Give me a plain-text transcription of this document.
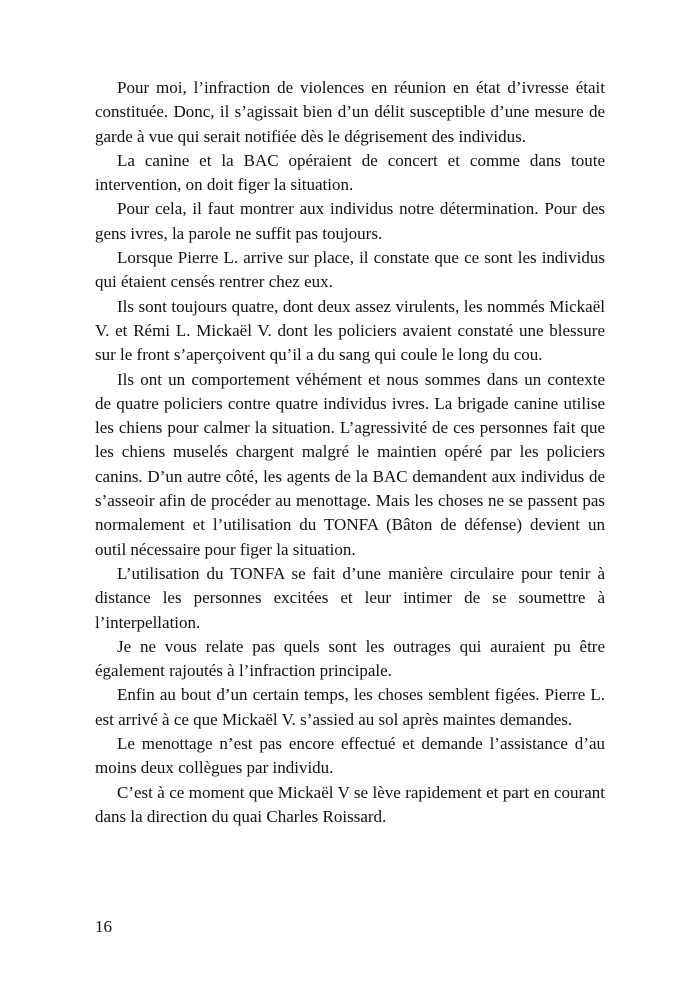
Pour moi, l’infraction de violences en réunion en état d’ivresse était constituée. Donc, il s’agissait bien d’un délit susceptible d’une mesure de garde à vue qui serait notifiée dès le dégrisement des individus.

La canine et la BAC opéraient de concert et comme dans toute intervention, on doit figer la situation.

Pour cela, il faut montrer aux individus notre détermination. Pour des gens ivres, la parole ne suffit pas toujours.

Lorsque Pierre L. arrive sur place, il constate que ce sont les individus qui étaient censés rentrer chez eux.

Ils sont toujours quatre, dont deux assez virulents, les nommés Mickaël V. et Rémi L. Mickaël V. dont les policiers avaient constaté une blessure sur le front s’aperçoivent qu’il a du sang qui coule le long du cou.

Ils ont un comportement véhément et nous sommes dans un contexte de quatre policiers contre quatre individus ivres. La brigade canine utilise les chiens pour calmer la situation. L’agressivité de ces personnes fait que les chiens muselés chargent malgré le maintien opéré par les policiers canins. D’un autre côté, les agents de la BAC demandent aux individus de s’asseoir afin de procéder au menottage. Mais les choses ne se passent pas normalement et l’utilisation du TONFA (Bâton de défense) devient un outil nécessaire pour figer la situation.

L’utilisation du TONFA se fait d’une manière circulaire pour tenir à distance les personnes excitées et leur intimer de se soumettre à l’interpellation.

Je ne vous relate pas quels sont les outrages qui auraient pu être également rajoutés à l’infraction principale.

Enfin au bout d’un certain temps, les choses semblent figées. Pierre L. est arrivé à ce que Mickaël V. s’assied au sol après maintes demandes.

Le menottage n’est pas encore effectué et demande l’assistance d’au moins deux collègues par individu.

C’est à ce moment que Mickaël V se lève rapidement et part en courant dans la direction du quai Charles Roissard.

16
